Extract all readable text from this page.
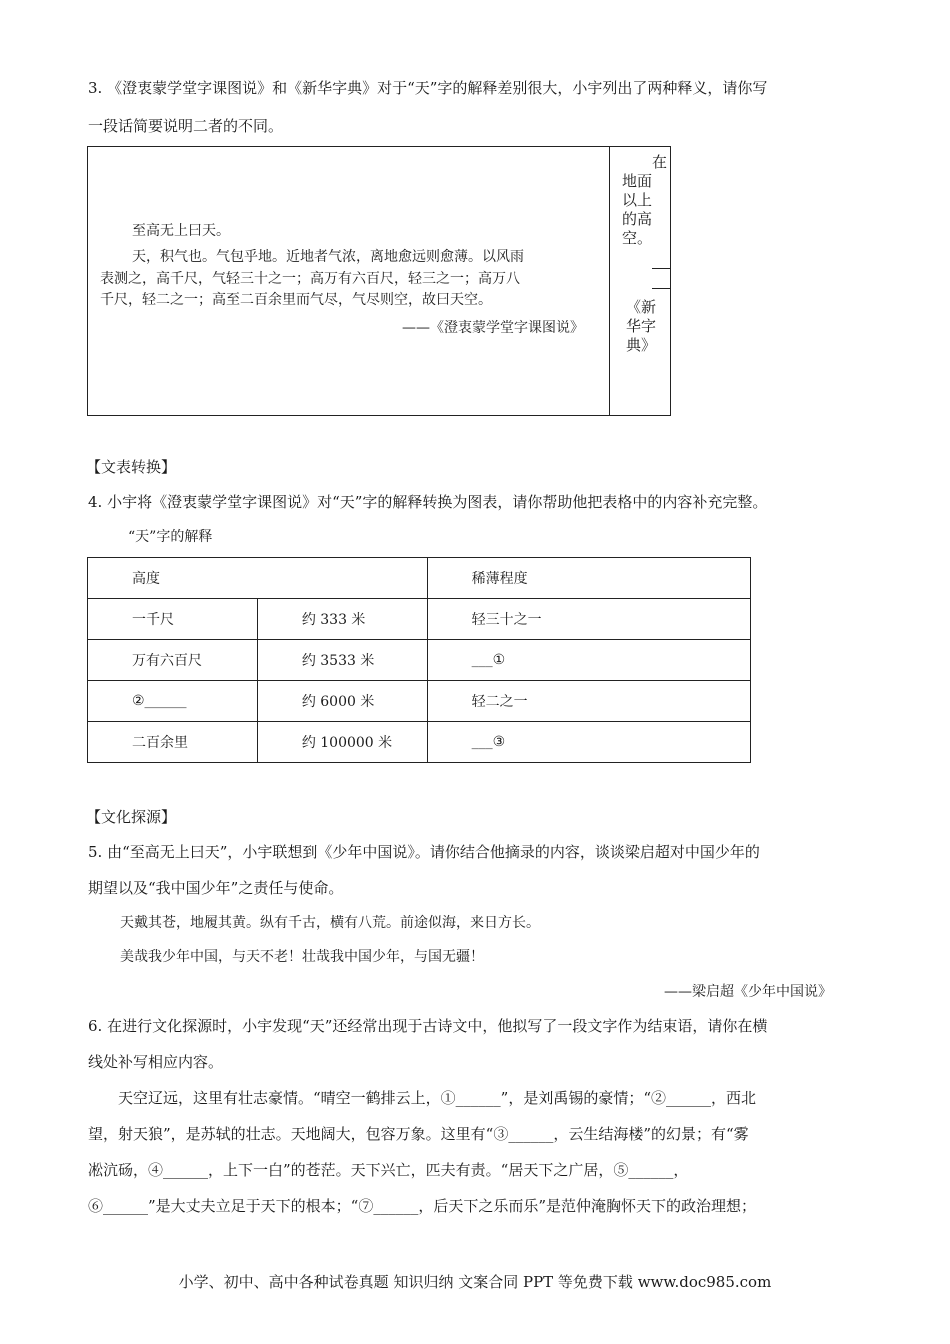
3. 《澄衷蒙学堂字课图说》和《新华字典》对于“天”字的解释差别很大，小宇列出了两种释义，请你写
一段话简要说明二者的不同。
至高无上曰天。
天，积气也。气包乎地。近地者气浓，离地愈远则愈薄。以风雨
表测之，高千尺，气轻三十之一；高万有六百尺，轻三之一；高万八
千尺，轻二之一；高至二百余里而气尽，气尽则空，故曰天空。
——《澄衷蒙学堂字课图说》
在
地面
以上
的高
空。
《新
华字
典》
【文表转换】
4. 小宇将《澄衷蒙学堂字课图说》对“天”字的解释转换为图表，请你帮助他把表格中的内容补充完整。
“天”字的解释
高度		稀薄程度
一千尺	约 333 米	轻三十之一
万有六百尺	约 3533 米	___①
②______	约 6000 米	轻二之一
二百余里	约 100000 米	___③
【文化探源】
5. 由“至高无上曰天”，小宇联想到《少年中国说》。请你结合他摘录的内容，谈谈梁启超对中国少年的
期望以及“我中国少年”之责任与使命。
天戴其苍，地履其黄。纵有千古，横有八荒。前途似海，来日方长。
美哉我少年中国，与天不老！壮哉我中国少年，与国无疆！
——梁启超《少年中国说》
6. 在进行文化探源时，小宇发现“天”还经常出现于古诗文中，他拟写了一段文字作为结束语，请你在横
线处补写相应内容。
天空辽远，这里有壮志豪情。“晴空一鹤排云上，①______”，是刘禹锡的豪情；“②______，西北
望，射天狼”，是苏轼的壮志。天地阔大，包容万象。这里有“③______，云生结海楼”的幻景；有“雾
凇沆砀，④______，上下一白”的苍茫。天下兴亡，匹夫有责。“居天下之广居，⑤______，
⑥______”是大丈夫立足于天下的根本；“⑦______，后天下之乐而乐”是范仲淹胸怀天下的政治理想；
小学、初中、高中各种试卷真题 知识归纳 文案合同 PPT 等免费下载 www.doc985.com
